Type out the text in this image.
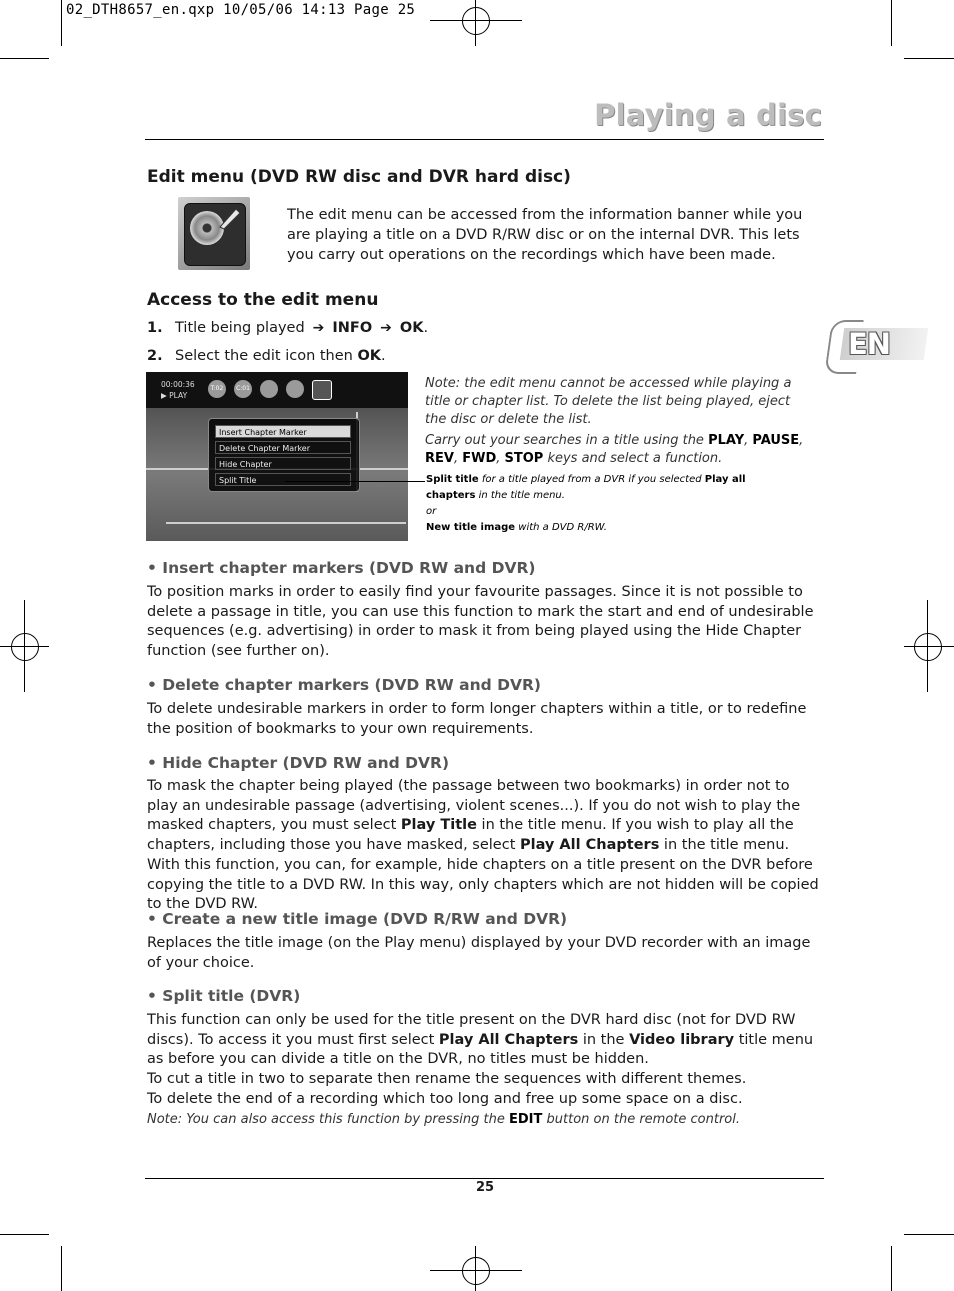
02_DTH8657_en.qxp 10/05/06 14:13 Page 25
Playing a disc
EN
Edit menu (DVD RW disc and DVR hard disc)
The edit menu can be accessed from the information banner while you are playing a title on a DVD R/RW disc or on the internal DVR. This lets you carry out operations on the recordings which have been made.
Access to the edit menu
1. Title being played ➔ INFO ➔ OK.
2. Select the edit icon then OK.
00:00:36
▶ PLAY
T:02	C:01
Insert Chapter Marker
Delete Chapter Marker
Hide Chapter
Split Title
Note: the edit menu cannot be accessed while playing a title or chapter list. To delete the list being played, eject the disc or delete the list.
Carry out your searches in a title using the PLAY, PAUSE, REV, FWD, STOP keys and select a function.
Split title for a title played from a DVR if you selected Play all
chapters in the title menu.
or
New title image with a DVD R/RW.
• Insert chapter markers (DVD RW and DVR)
To position marks in order to easily find your favourite passages. Since it is not possible to delete a passage in title, you can use this function to mark the start and end of undesirable sequences (e.g. advertising) in order to mask it from being played using the Hide Chapter function (see further on).
• Delete chapter markers (DVD RW and DVR)
To delete undesirable markers in order to form longer chapters within a title, or to redefine the position of bookmarks to your own requirements.
• Hide Chapter (DVD RW and DVR)
To mask the chapter being played (the passage between two bookmarks) in order not to play an undesirable passage (advertising, violent scenes...). If you do not wish to play the masked chapters, you must select Play Title in the title menu. If you wish to play all the chapters, including those you have masked, select Play All Chapters in the title menu. With this function, you can, for example, hide chapters on a title present on the DVR before copying the title to a DVD RW. In this way, only chapters which are not hidden will be copied to the DVD RW.
• Create a new title image (DVD R/RW and DVR)
Replaces the title image (on the Play menu) displayed by your DVD recorder with an image of your choice.
• Split title (DVR)
This function can only be used for the title present on the DVR hard disc (not for DVD RW discs). To access it you must first select Play All Chapters in the Video library title menu as before you can divide a title on the DVR, no titles must be hidden.
To cut a title in two to separate then rename the sequences with different themes.
To delete the end of a recording which too long and free up some space on a disc.
Note: You can also access this function by pressing the EDIT button on the remote control.
25
